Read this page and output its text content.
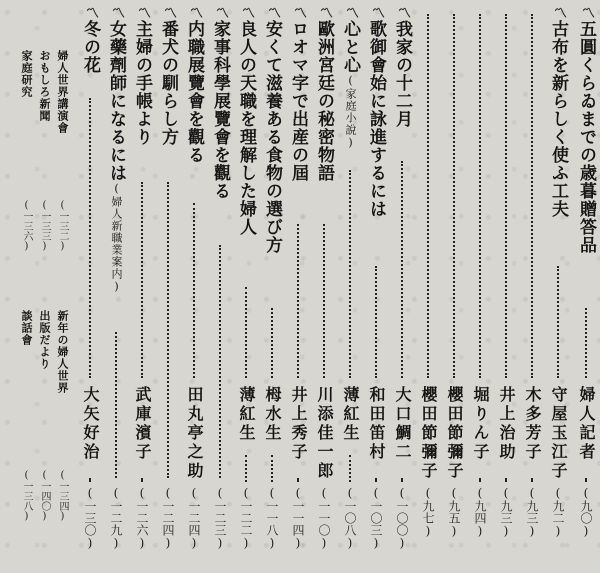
〽五圓くらゐまでの歳暮贈答品
婦人記者
(九〇)
〽古布を新らしく使ふ工夫
守屋玉江子
(九二)
木多芳子
(九三)
井上治助
(九三)
堀りん子
(九四)
櫻田節彌子
(九五)
櫻田節彌子
(九七)
〽我家の十二月
大口鯛二
(一〇〇)
〽歌御會始に詠進するには
和田笛村
(一〇三)
〽心と心(家庭小說)
薄紅生
(一〇八)
〽歐洲宮廷の秘密物語
川添佳一郎
(一一〇)
〽ロオマ字で出産の屆
井上秀子
(一一四)
〽安くて滋養ある食物の選び方
栂水生
(一一八)
〽良人の天職を理解した婦人
薄紅生
(一二二)
〽家事科學展覽會を觀る
(一二三)
〽内職展覽會を觀る
田丸亭之助
(一二四)
〽番犬の馴らし方
(一二四)
〽主婦の手帳より
武庫濱子
(一二六)
〽女藥劑師になるには(婦人新職業案内)
(一二九)
〽冬の花
大矢好治
(一三〇)
婦人世界講演會
(一三二)
新年の婦人世界
(一三四)
おもしろ新聞
(一三三)
出版だより
(一四〇)
家庭研究
(一三六)
談話會
(一三八)
